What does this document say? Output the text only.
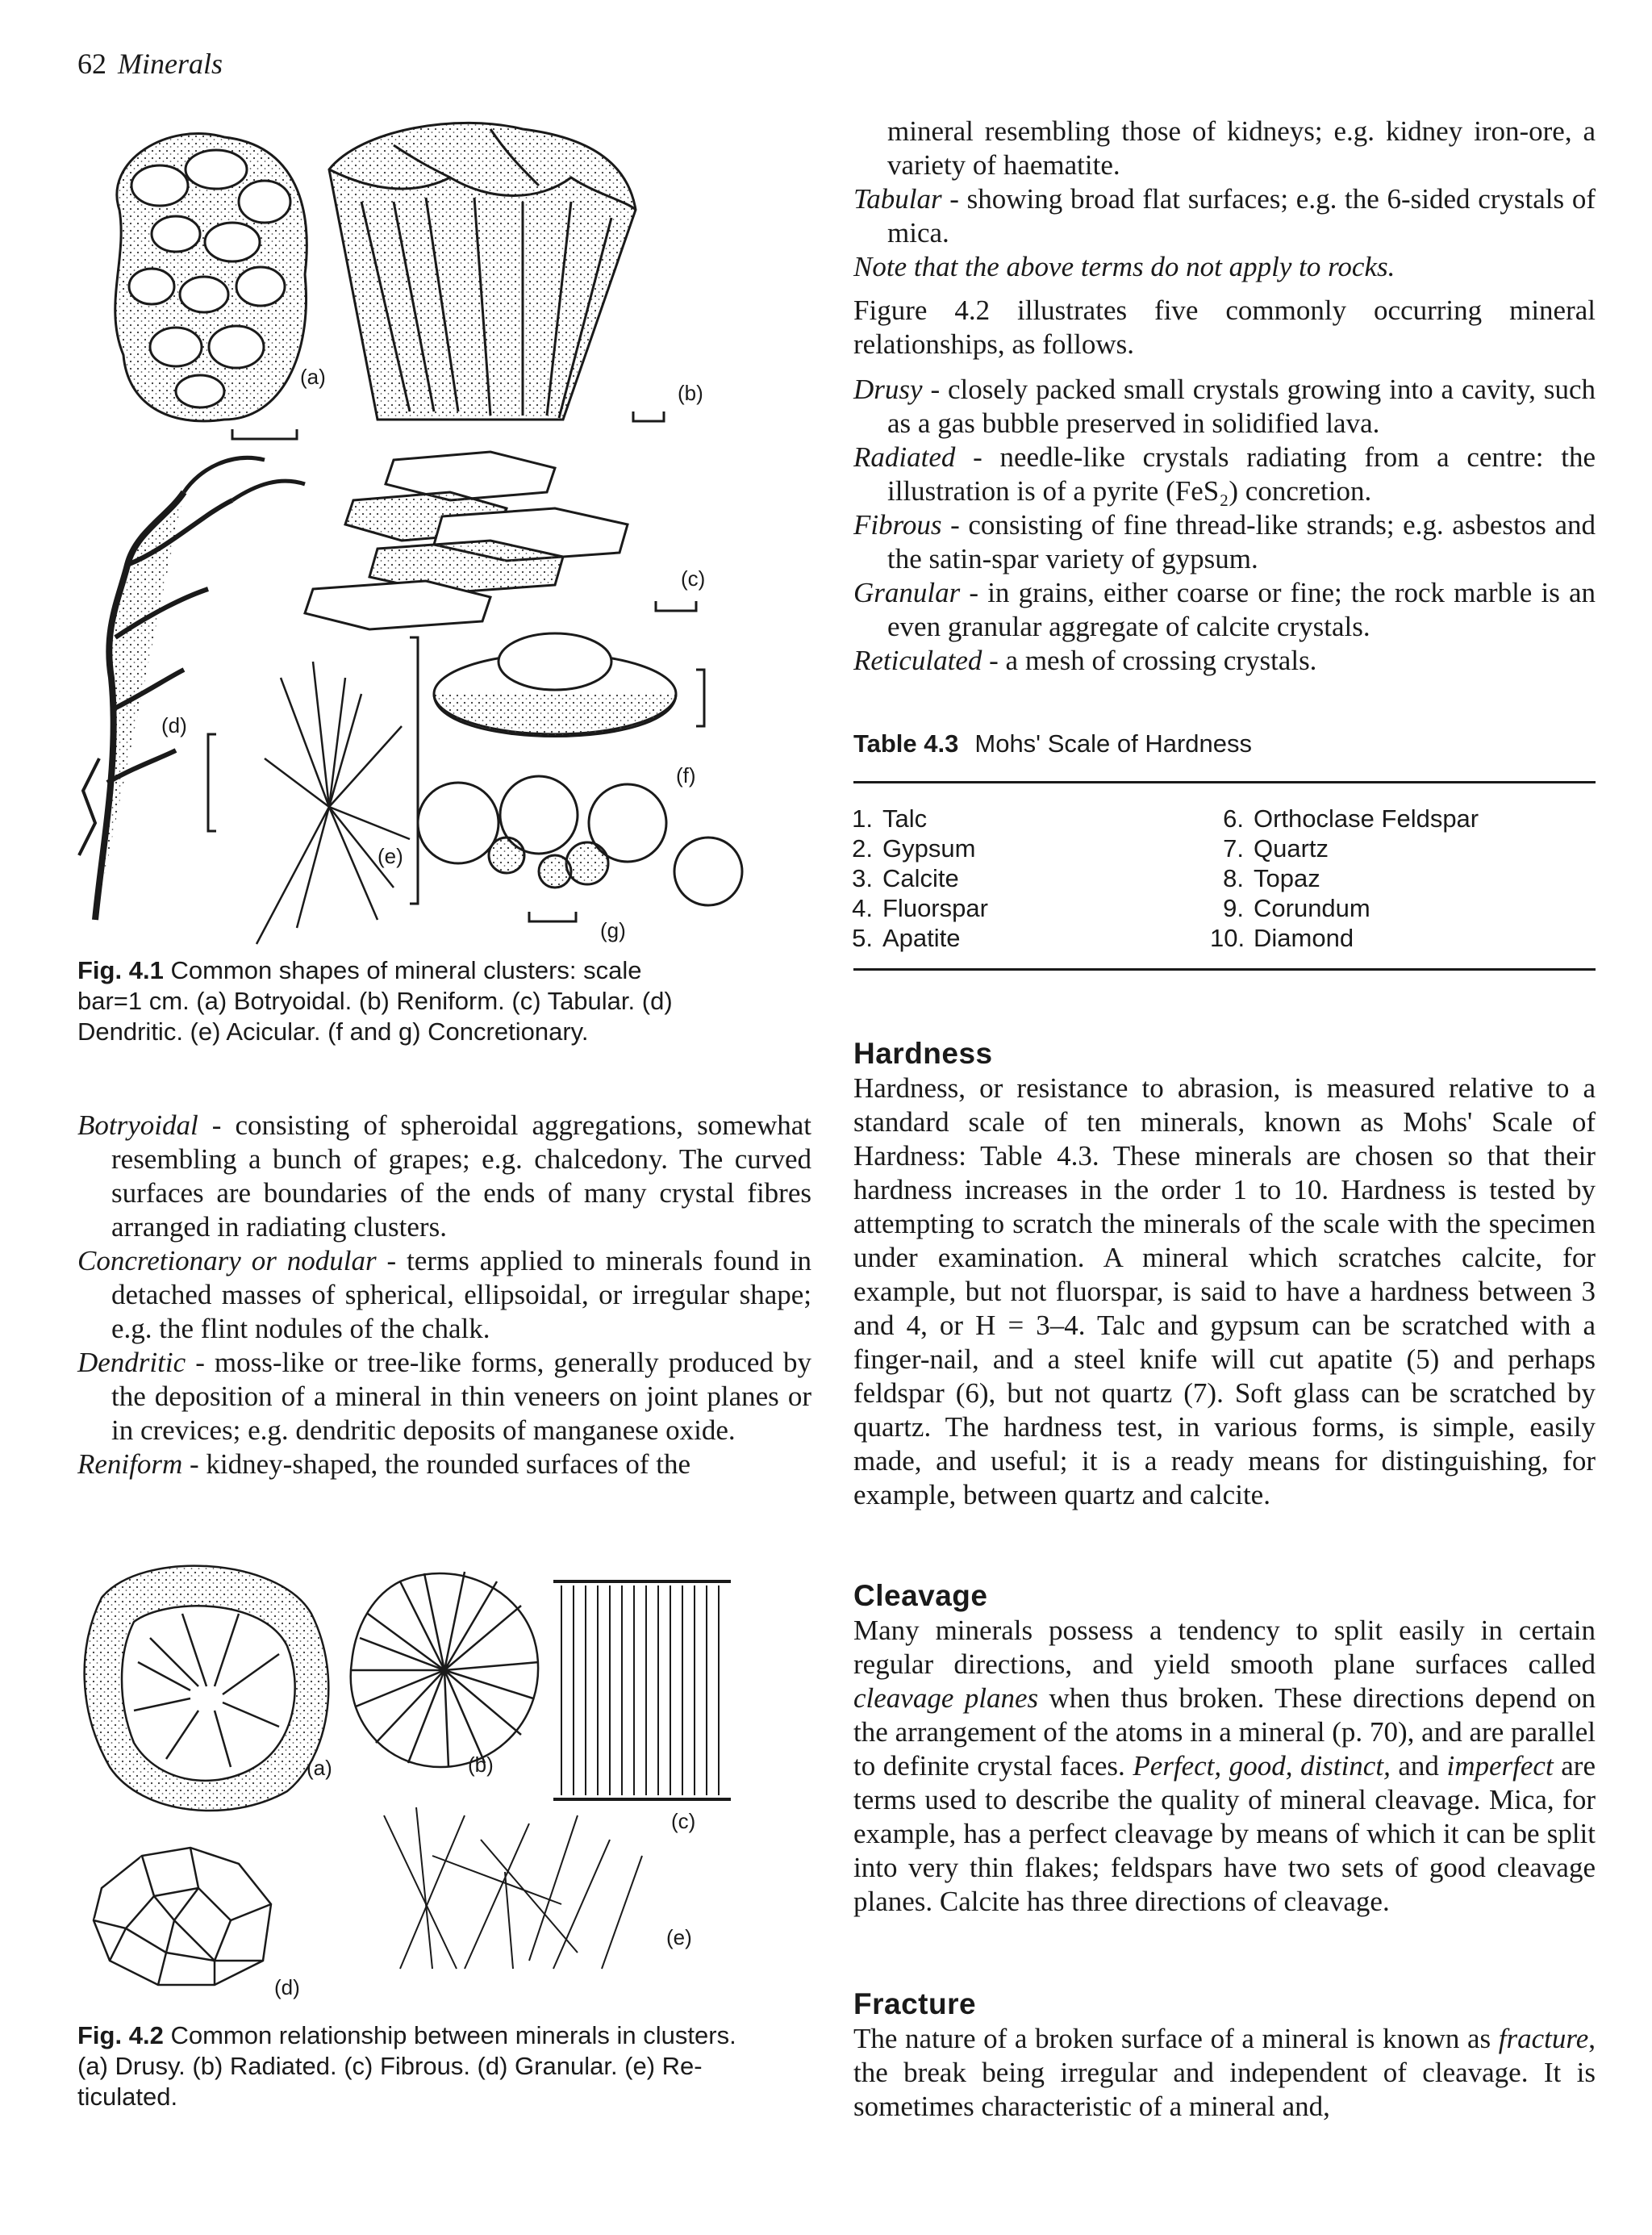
62 Minerals
(a)
(b)
(c)
(d)
(e)
(f)
(g)
Fig. 4.1 Common shapes of mineral clusters: scale
bar=1 cm. (a) Botryoidal. (b) Reniform. (c) Tabular. (d)
Dendritic. (e) Acicular. (f and g) Concretionary.

Botryoidal - consisting of spheroidal aggregations, somewhat resembling a bunch of grapes; e.g. chalcedony. The curved surfaces are boundaries of the ends of many crystal fibres arranged in radiating clusters.

Concretionary or nodular - terms applied to minerals found in detached masses of spherical, ellipsoidal, or irregular shape; e.g. the flint nodules of the chalk.

Dendritic - moss-like or tree-like forms, generally produced by the deposition of a mineral in thin veneers on joint planes or in crevices; e.g. dendritic deposits of manganese oxide.

Reniform - kidney-shaped, the rounded surfaces of the

(a)	(b)
(c)
(d)
(e)
Fig. 4.2 Common relationship between minerals in clusters.
(a) Drusy. (b) Radiated. (c) Fibrous. (d) Granular. (e) Re-
ticulated.

mineral resembling those of kidneys; e.g. kidney iron-ore, a variety of haematite.

Tabular - showing broad flat surfaces; e.g. the 6-sided crystals of mica.

Note that the above terms do not apply to rocks.

Figure 4.2 illustrates five commonly occurring mineral relationships, as follows.

Drusy - closely packed small crystals growing into a cavity, such as a gas bubble preserved in solidified lava.

Radiated - needle-like crystals radiating from a centre: the illustration is of a pyrite (FeS₂) concretion.

Fibrous - consisting of fine thread-like strands; e.g. asbestos and the satin-spar variety of gypsum.

Granular - in grains, either coarse or fine; the rock marble is an even granular aggregate of calcite crystals.

Reticulated - a mesh of crossing crystals.

Table 4.3 Mohs' Scale of Hardness
1. Talc
2. Gypsum
3. Calcite
4. Fluorspar
5. Apatite
6. Orthoclase Feldspar
7. Quartz
8. Topaz
9. Corundum
10. Diamond
Hardness

Hardness, or resistance to abrasion, is measured relative to a standard scale of ten minerals, known as Mohs' Scale of Hardness: Table 4.3. These minerals are chosen so that their hardness increases in the order 1 to 10. Hardness is tested by attempting to scratch the minerals of the scale with the specimen under examination. A mineral which scratches calcite, for example, but not fluorspar, is said to have a hardness between 3 and 4, or H = 3–4. Talc and gypsum can be scratched with a finger-nail, and a steel knife will cut apatite (5) and perhaps feldspar (6), but not quartz (7). Soft glass can be scratched by quartz. The hardness test, in various forms, is simple, easily made, and useful; it is a ready means for distinguishing, for example, between quartz and calcite.

Cleavage

Many minerals possess a tendency to split easily in certain regular directions, and yield smooth plane surfaces called cleavage planes when thus broken. These directions depend on the arrangement of the atoms in a mineral (p. 70), and are parallel to definite crystal faces. Perfect, good, distinct, and imperfect are terms used to describe the quality of mineral cleavage. Mica, for example, has a perfect cleavage by means of which it can be split into very thin flakes; feldspars have two sets of good cleavage planes. Calcite has three directions of cleavage.

Fracture

The nature of a broken surface of a mineral is known as fracture, the break being irregular and independent of cleavage. It is sometimes characteristic of a mineral and,
